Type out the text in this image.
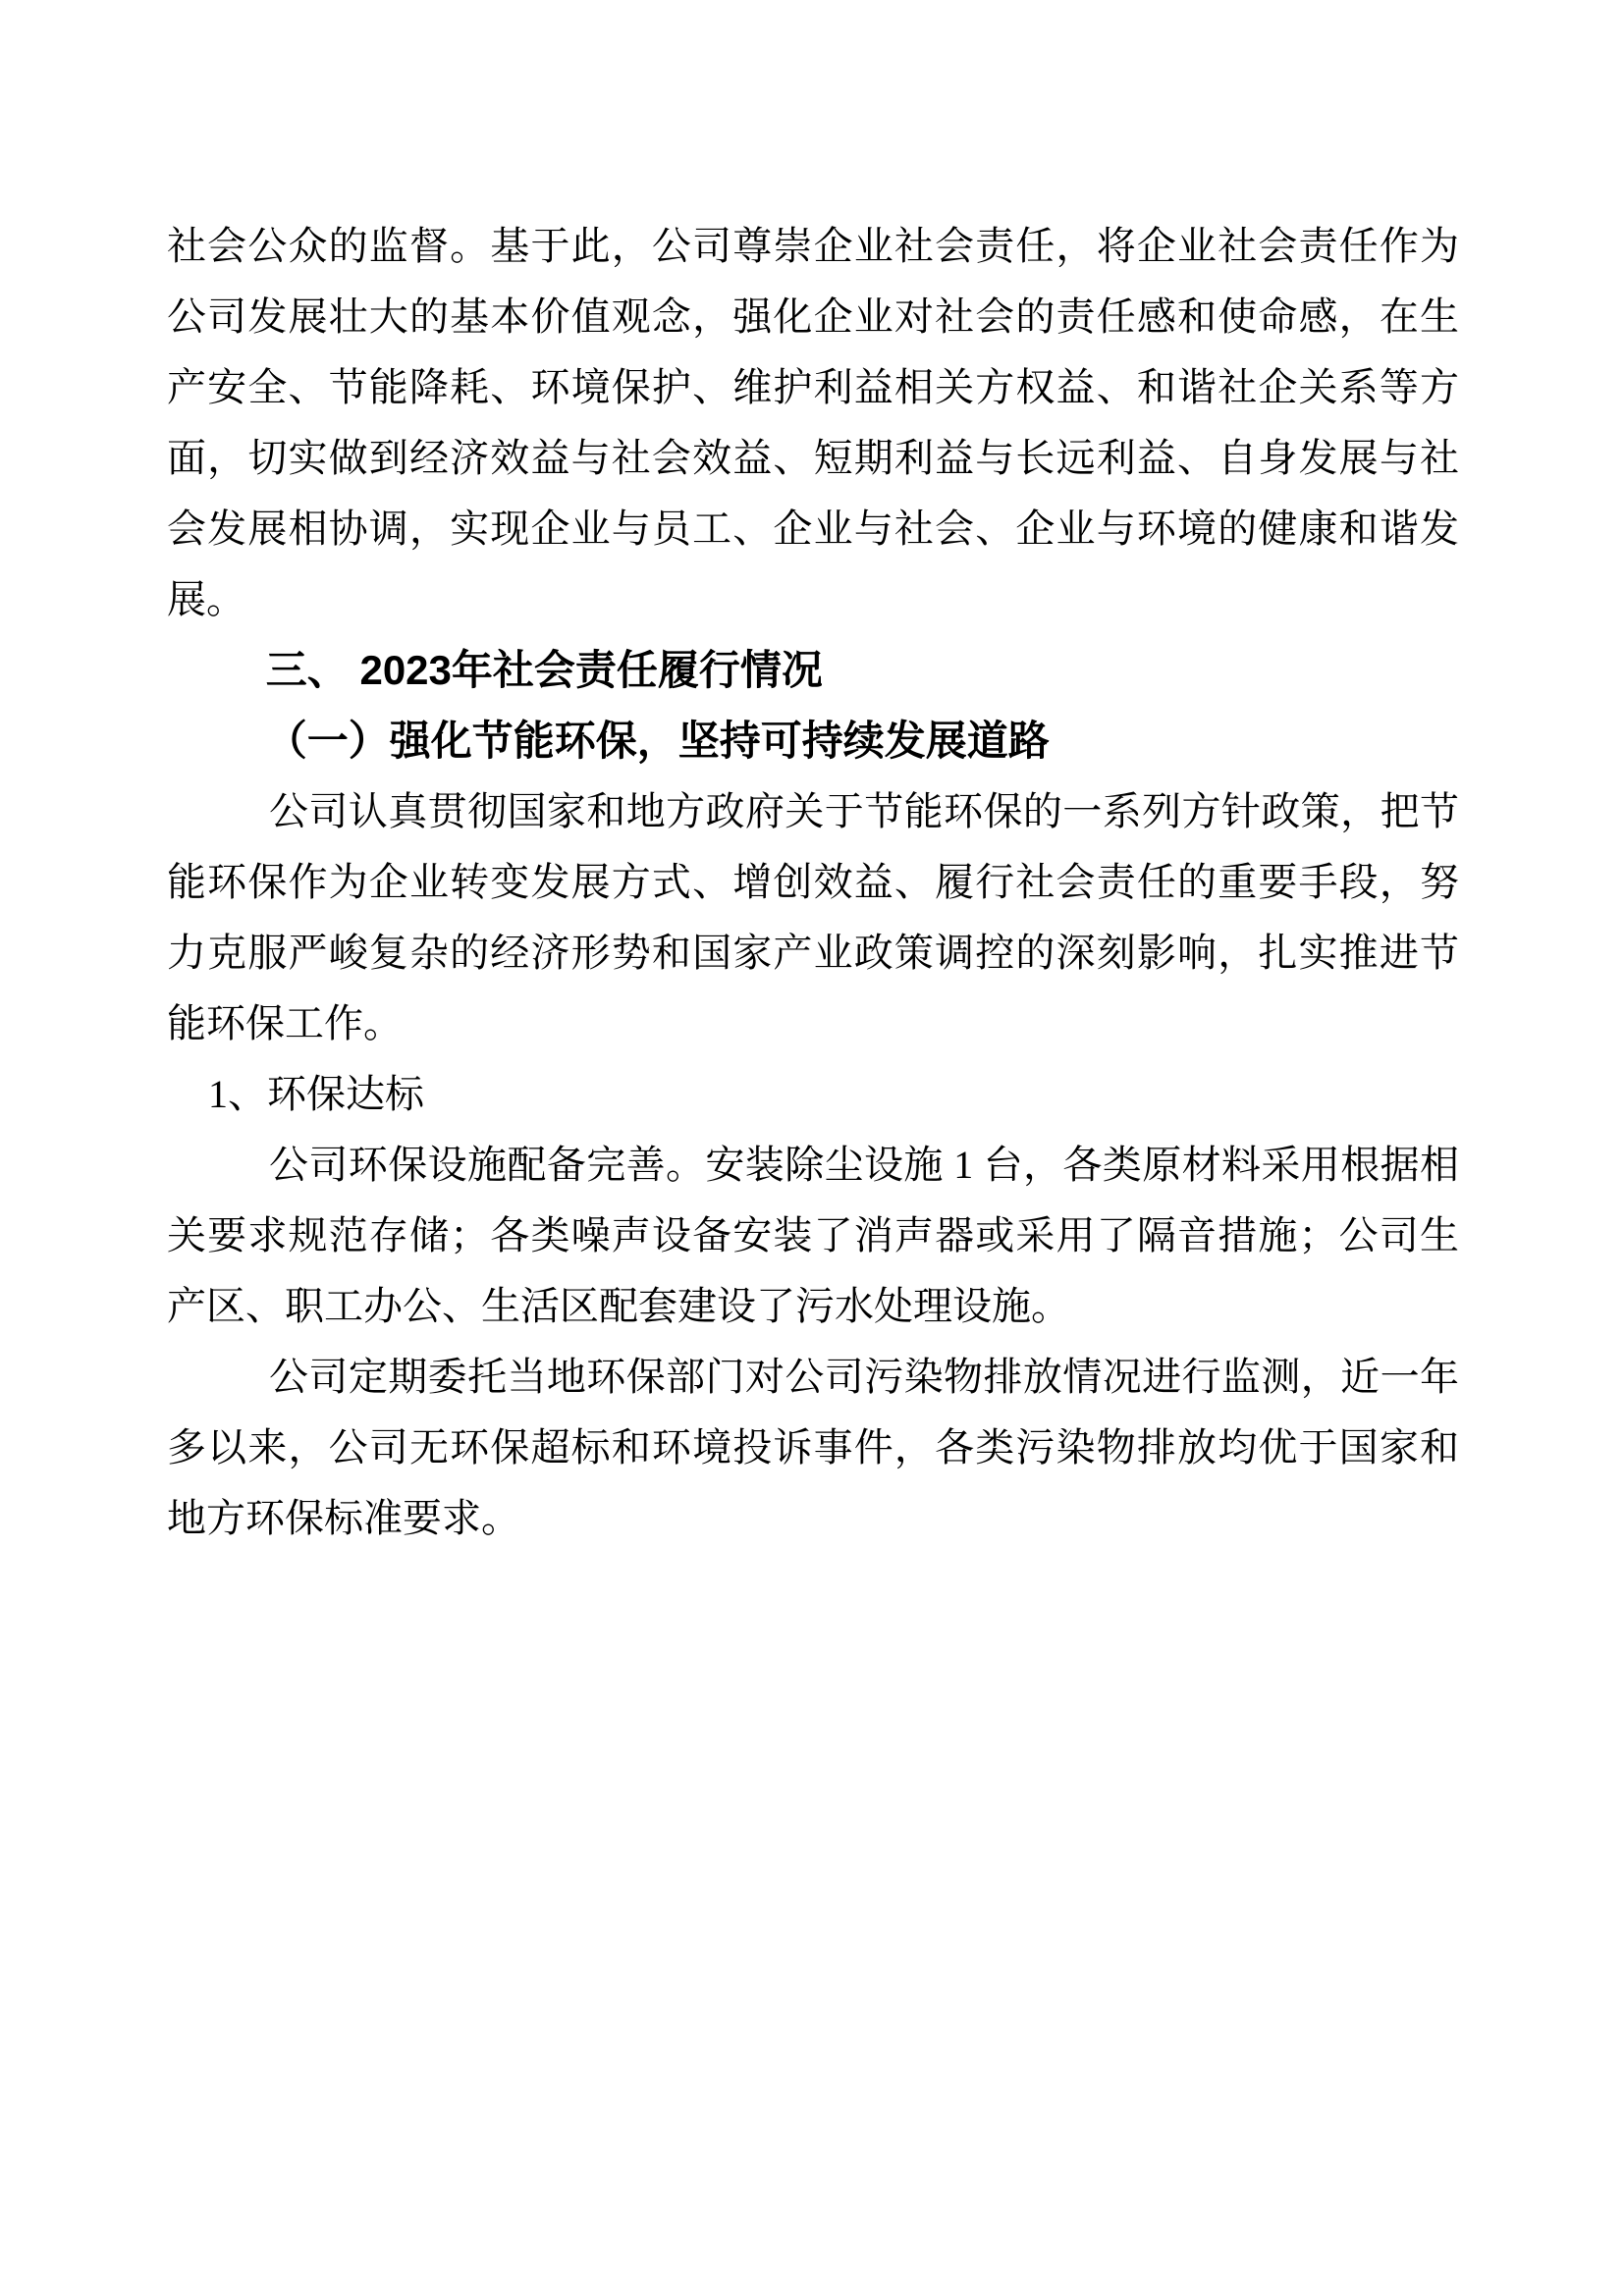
社会公众的监督。基于此，公司尊崇企业社会责任，将企业社会责任作为
公司发展壮大的基本价值观念，强化企业对社会的责任感和使命感，在生
产安全、节能降耗、环境保护、维护利益相关方权益、和谐社企关系等方
面，切实做到经济效益与社会效益、短期利益与长远利益、自身发展与社
会发展相协调，实现企业与员工、企业与社会、企业与环境的健康和谐发
展。
三、 2023年社会责任履行情况
（一）强化节能环保，坚持可持续发展道路
公司认真贯彻国家和地方政府关于节能环保的一系列方针政策，把节
能环保作为企业转变发展方式、增创效益、履行社会责任的重要手段，努
力克服严峻复杂的经济形势和国家产业政策调控的深刻影响，扎实推进节
能环保工作。
1、环保达标
公司环保设施配备完善。安装除尘设施 1 台，各类原材料采用根据相
关要求规范存储；各类噪声设备安装了消声器或采用了隔音措施；公司生
产区、职工办公、生活区配套建设了污水处理设施。
公司定期委托当地环保部门对公司污染物排放情况进行监测，近一年
多以来，公司无环保超标和环境投诉事件，各类污染物排放均优于国家和
地方环保标准要求。
